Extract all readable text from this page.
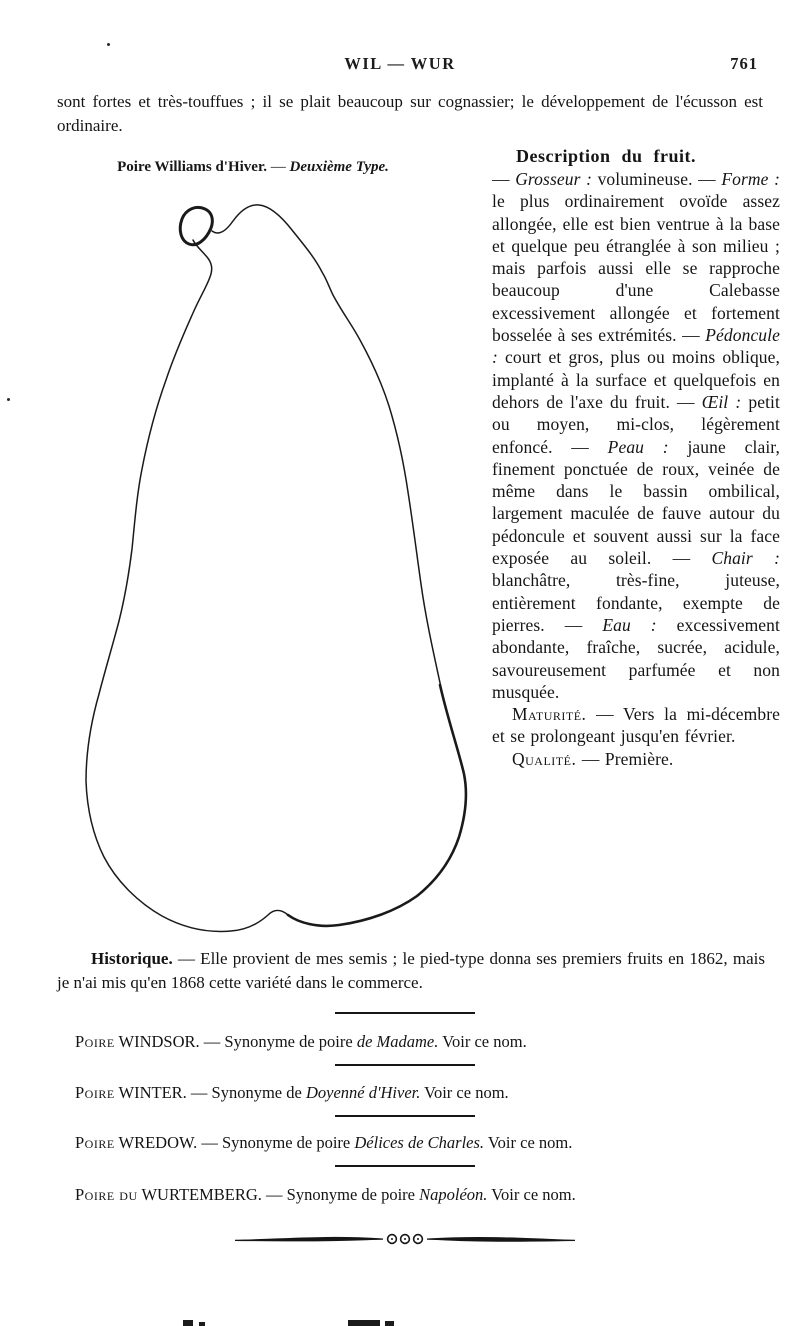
WIL — WUR	761

sont fortes et très-touffues ; il se plait beaucoup sur cognassier; le développement de l'écusson est ordinaire.

Poire Williams d'Hiver. — Deuxième Type.
Description du fruit.
— Grosseur : volumineuse. — Forme : le plus ordinairement ovoïde assez allongée, elle est bien ventrue à la base et quelque peu étranglée à son milieu ; mais parfois aussi elle se rapproche beaucoup d'une Calebasse excessivement allongée et fortement bosselée à ses extrémités. — Pédoncule : court et gros, plus ou moins oblique, implanté à la surface et quelquefois en dehors de l'axe du fruit. — Œil : petit ou moyen, mi-clos, légèrement enfoncé. — Peau : jaune clair, finement ponctuée de roux, veinée de même dans le bassin ombilical, largement maculée de fauve autour du pédoncule et souvent aussi sur la face exposée au soleil. — Chair : blanchâtre, très-fine, juteuse, entièrement fondante, exempte de pierres. — Eau : excessivement abondante, fraîche, sucrée, acidule, savoureusement parfumée et non musquée.

Maturité. — Vers la mi-décembre et se prolongeant jusqu'en février.

Qualité. — Première.

Historique. — Elle provient de mes semis ; le pied-type donna ses premiers fruits en 1862, mais je n'ai mis qu'en 1868 cette variété dans le commerce.

Poire WINDSOR. — Synonyme de poire de Madame. Voir ce nom.
Poire WINTER. — Synonyme de Doyenné d'Hiver. Voir ce nom.
Poire WREDOW. — Synonyme de poire Délices de Charles. Voir ce nom.
Poire du WURTEMBERG. — Synonyme de poire Napoléon. Voir ce nom.
